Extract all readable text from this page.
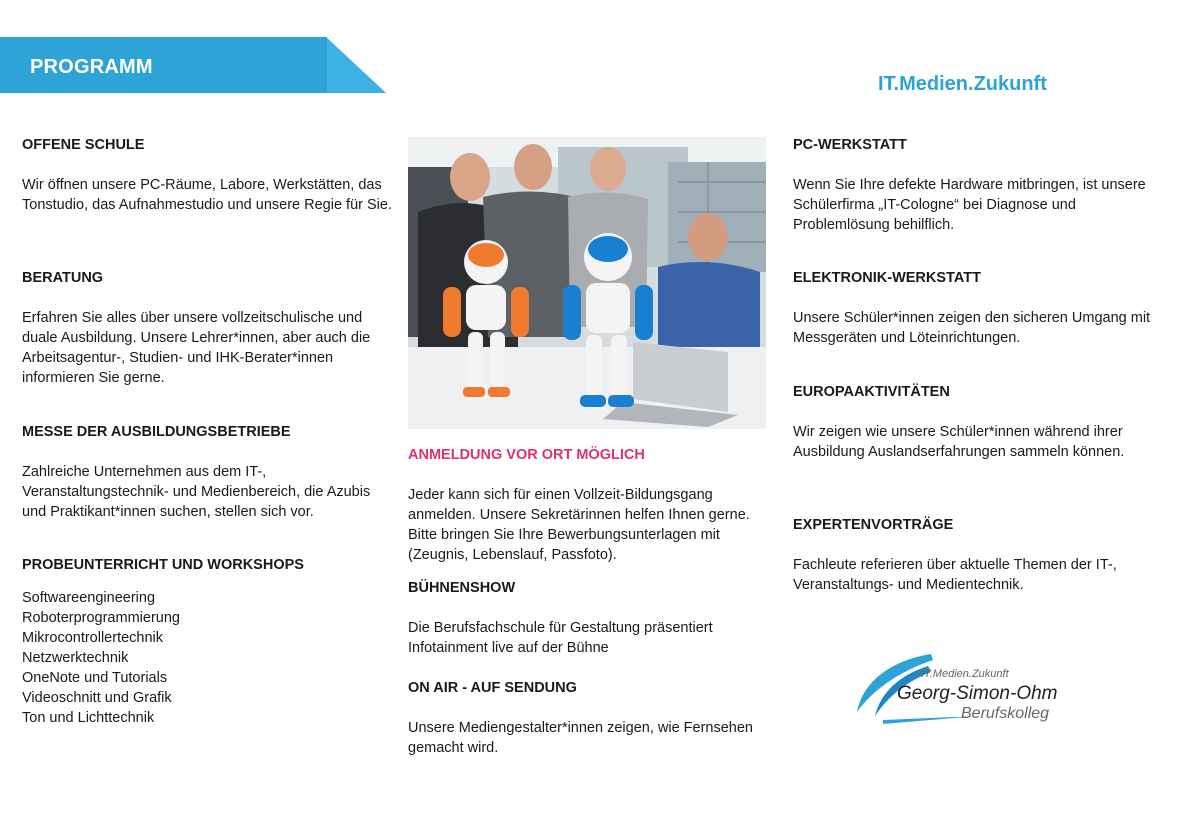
PROGRAMM
IT.Medien.Zukunft
OFFENE SCHULE

Wir öffnen unsere PC-Räume, Labore, Werkstätten, das Tonstudio, das Aufnahmestudio und unsere Regie für Sie.

BERATUNG

Erfahren Sie alles über unsere vollzeitschulische und duale Ausbildung. Unsere Lehrer*innen, aber auch die Arbeitsagentur-, Studien- und IHK-Berater*innen informieren Sie gerne.

MESSE DER AUSBILDUNGSBETRIEBE

Zahlreiche Unternehmen aus dem IT-, Veranstaltungstechnik- und Medienbereich, die Azubis und Praktikant*innen suchen, stellen sich vor.

PROBEUNTERRICHT UND WORKSHOPS
Softwareengineering
Roboterprogrammierung
Mikrocontrollertechnik
Netzwerktechnik
OneNote und Tutorials
Videoschnitt und Grafik
Ton und Lichttechnik
ANMELDUNG VOR ORT MÖGLICH

Jeder kann sich für einen Vollzeit-Bildungsgang anmelden. Unsere Sekretärinnen helfen Ihnen gerne. Bitte bringen Sie Ihre Bewerbungsunterlagen mit (Zeugnis, Lebenslauf, Passfoto).

BÜHNENSHOW

Die Berufsfachschule für Gestaltung präsentiert Infotainment live auf der Bühne

ON AIR - AUF SENDUNG

Unsere Mediengestalter*innen zeigen, wie Fernsehen gemacht wird.

PC-WERKSTATT

Wenn Sie Ihre defekte Hardware mitbringen, ist unsere Schülerfirma „IT-Cologne“ bei Diagnose und Problemlösung behilflich.

ELEKTRONIK-WERKSTATT

Unsere Schüler*innen zeigen den sicheren Umgang mit Messgeräten und Löteinrichtungen.

EUROPAAKTIVITÄTEN

Wir zeigen wie unsere Schüler*innen während ihrer Ausbildung Auslandserfahrungen sammeln können.

EXPERTENVORTRÄGE

Fachleute referieren über aktuelle Themen der IT-, Veranstaltungs- und Medientechnik.

IT.Medien.Zukunft
Georg-Simon-Ohm
Berufskolleg
